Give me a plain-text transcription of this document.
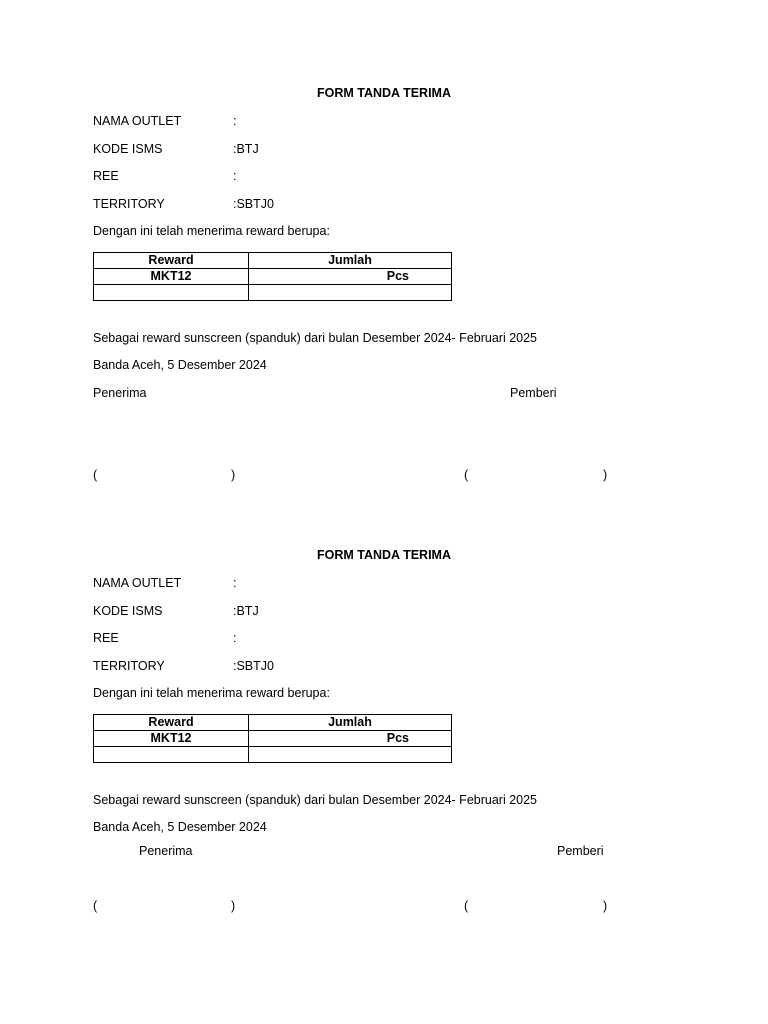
FORM TANDA TERIMA
NAMA OUTLET	:
KODE ISMS	:BTJ
REE	:
TERRITORY	:SBTJ0
Dengan ini telah menerima reward berupa:
Reward	Jumlah
MKT12	Pcs

Sebagai reward sunscreen (spanduk) dari bulan Desember 2024- Februari 2025
Banda Aceh, 5 Desember 2024
Penerima	Pemberi
(	)	(	)
FORM TANDA TERIMA
NAMA OUTLET	:
KODE ISMS	:BTJ
REE	:
TERRITORY	:SBTJ0
Dengan ini telah menerima reward berupa:
Reward	Jumlah
MKT12	Pcs

Sebagai reward sunscreen (spanduk) dari bulan Desember 2024- Februari 2025
Banda Aceh, 5 Desember 2024
Penerima	Pemberi
(	)	(	)
